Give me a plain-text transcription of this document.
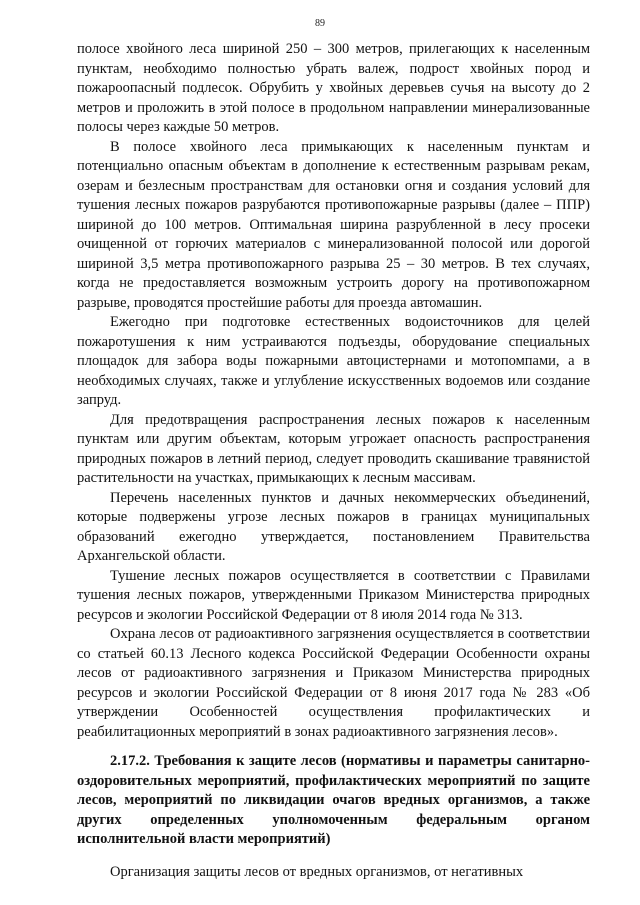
89

полосе хвойного леса шириной 250 – 300 метров, прилегающих к населенным пунктам, необходимо полностью убрать валеж, подрост хвойных пород и пожароопасный подлесок. Обрубить у хвойных деревьев сучья на высоту до 2 метров и проложить в этой полосе в продольном направлении минерализованные полосы через каждые 50 метров.

В полосе хвойного леса примыкающих к населенным пунктам и потенциально опасным объектам в дополнение к естественным разрывам рекам, озерам и безлесным пространствам для остановки огня и создания условий для тушения лесных пожаров разрубаются противопожарные разрывы (далее – ППР) шириной до 100 метров. Оптимальная ширина разрубленной в лесу просеки очищенной от горючих материалов с минерализованной полосой или дорогой шириной 3,5 метра противопожарного разрыва 25 – 30 метров. В тех случаях, когда не предоставляется возможным устроить дорогу на противопожарном разрыве, проводятся простейшие работы для проезда автомашин.

Ежегодно при подготовке естественных водоисточников для целей пожаротушения к ним устраиваются подъезды, оборудование специальных площадок для забора воды пожарными автоцистернами и мотопомпами, а в необходимых случаях, также и углубление искусственных водоемов или создание запруд.

Для предотвращения распространения лесных пожаров к населенным пунктам или другим объектам, которым угрожает опасность распространения природных пожаров в летний период, следует проводить скашивание травянистой растительности на участках, примыкающих к лесным массивам.

Перечень населенных пунктов и дачных некоммерческих объединений, которые подвержены угрозе лесных пожаров в границах муниципальных образований ежегодно утверждается, постановлением Правительства Архангельской области.

Тушение лесных пожаров осуществляется в соответствии с Правилами тушения лесных пожаров, утвержденными Приказом Министерства природных ресурсов и экологии Российской Федерации от 8 июля 2014 года № 313.

Охрана лесов от радиоактивного загрязнения осуществляется в соответствии со статьей 60.13 Лесного кодекса Российской Федерации Особенности охраны лесов от радиоактивного загрязнения и Приказом Министерства природных ресурсов и экологии Российской Федерации от 8 июня 2017 года № 283 «Об утверждении Особенностей осуществления профилактических и реабилитационных мероприятий в зонах радиоактивного загрязнения лесов».

2.17.2. Требования к защите лесов (нормативы и параметры санитарно-оздоровительных мероприятий, профилактических мероприятий по защите лесов, мероприятий по ликвидации очагов вредных организмов, а также других определенных уполномоченным федеральным органом исполнительной власти мероприятий)

Организация защиты лесов от вредных организмов, от негативных
